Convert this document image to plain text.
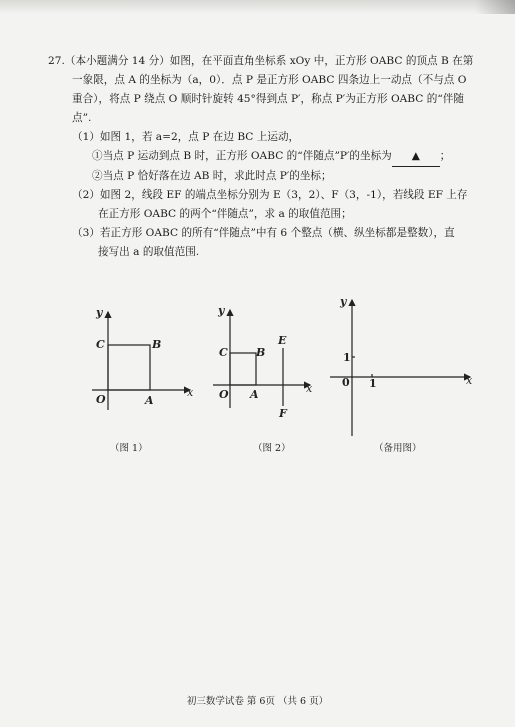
27.（本小题满分 14 分）如图，在平面直角坐标系 xOy 中，正方形 OABC 的顶点 B 在第
一象限，点 A 的坐标为（a，0）．点 P 是正方形 OABC 四条边上一动点（不与点 O
重合），将点 P 绕点 O 顺时针旋转 45°得到点 P′，称点 P′为正方形 OABC 的“伴随
点”.
（1）如图 1，若 a=2，点 P 在边 BC 上运动，
①当点 P 运动到点 B 时，正方形 OABC 的“伴随点”P′的坐标为 ▲ ；
②当点 P 恰好落在边 AB 时，求此时点 P′的坐标；
（2）如图 2，线段 EF 的端点坐标分别为 E（3，2）、F（3，-1），若线段 EF 上存
在正方形 OABC 的两个“伴随点”，求 a 的取值范围；
（3）若正方形 OABC 的所有“伴随点”中有 6 个整点（横、纵坐标都是整数），直
接写出 a 的取值范围.
y
x
O	A
B
C
y
x
O A
B
C
E
F
y
x
0 1
1
（图 1）	（图 2）	（备用图）
初三数学试卷 第 6页 （共 6 页）
